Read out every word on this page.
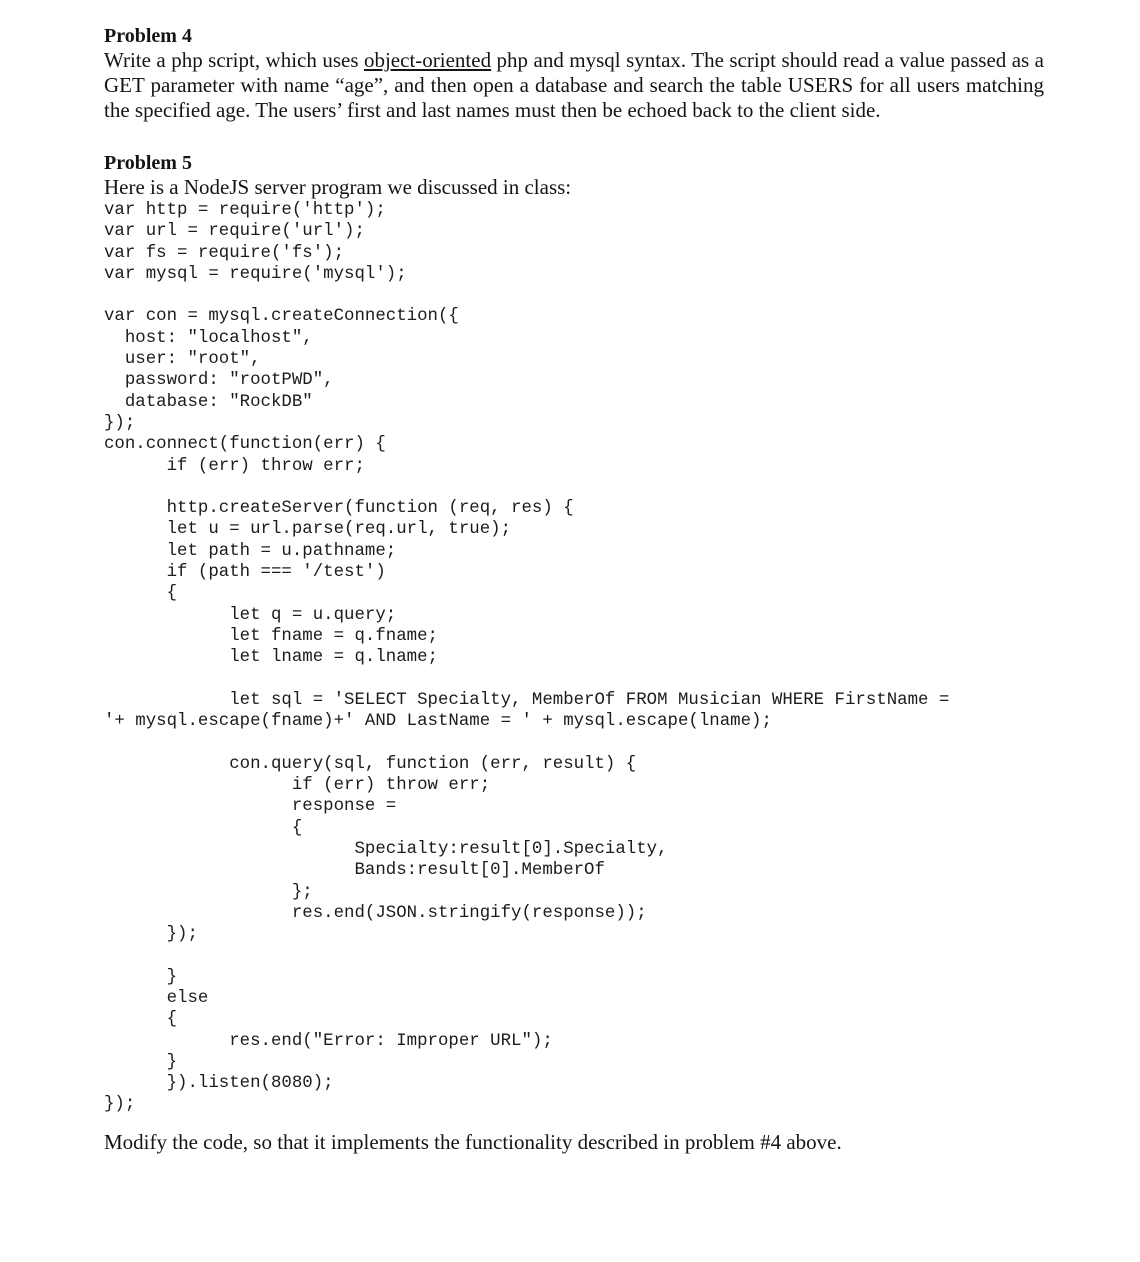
Problem 4

Write a php script, which uses object-oriented php and mysql syntax. The script should read a value passed as a GET parameter with name “age”, and then open a database and search the table USERS for all users matching the specified age. The users’ first and last names must then be echoed back to the client side.

Problem 5

Here is a NodeJS server program we discussed in class:

var http = require('http');
var url = require('url');
var fs = require('fs');
var mysql = require('mysql');
var con = mysql.createConnection({
host: "localhost",
user: "root",
password: "rootPWD",
database: "RockDB"
});
con.connect(function(err) {
if (err) throw err;
http.createServer(function (req, res) {
let u = url.parse(req.url, true);
let path = u.pathname;
if (path === '/test')
{
let q = u.query;
let fname = q.fname;
let lname = q.lname;
let sql = 'SELECT Specialty, MemberOf FROM Musician WHERE FirstName =
'+ mysql.escape(fname)+' AND LastName = ' + mysql.escape(lname);
con.query(sql, function (err, result) {
if (err) throw err;
response =
{
Specialty:result[0].Specialty,
Bands:result[0].MemberOf
};
res.end(JSON.stringify(response));
});
}
else
{
res.end("Error: Improper URL");
}
}).listen(8080);
});

Modify the code, so that it implements the functionality described in problem #4 above.
